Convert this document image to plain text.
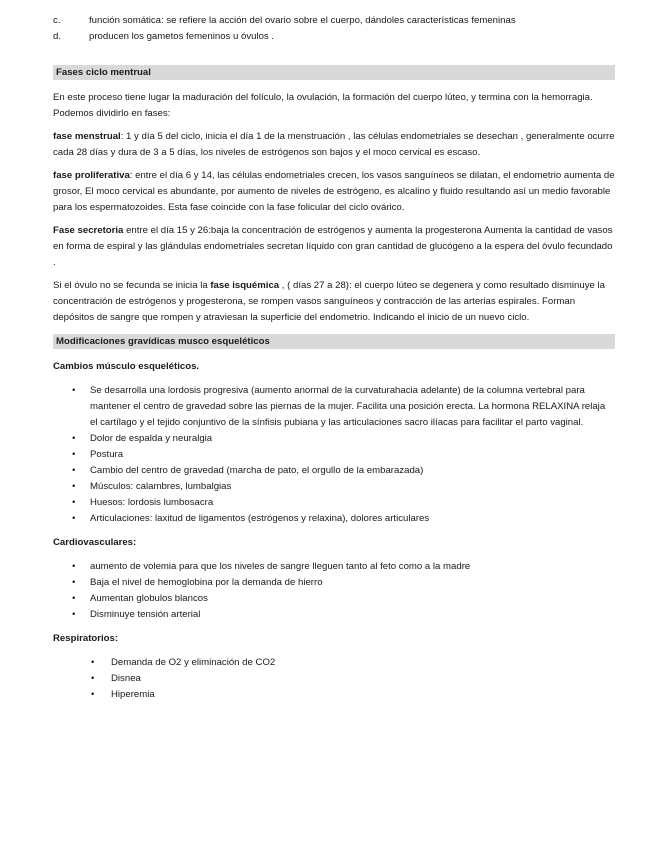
c.	función somática: se refiere la acción del ovario sobre el cuerpo, dándoles características femeninas
d.	producen los gametos femeninos u óvulos .
Fases ciclo mentrual

En este proceso tiene lugar la maduración del folículo, la ovulación, la formación del cuerpo lúteo, y termina con la hemorragia. Podemos dividirlo en fases:

fase menstrual: 1 y día 5 del ciclo, inicia el día 1 de la menstruación , las células endometriales se desechan , generalmente ocurre cada 28 días y dura de 3 a 5 días, los niveles de estrógenos son bajos y el moco cervical es escaso.

fase proliferativa: entre el día 6 y 14, las células endometriales crecen, los vasos sanguíneos se dilatan, el endometrio aumenta de grosor, El moco cervical es abundante, por aumento de niveles de estrógeno, es alcalino y fluido resultando así un medio favorable para los espermatozoides. Esta fase coincide con la fase folicular del ciclo ovárico.

Fase secretoria entre el día 15 y 26:baja la concentración de estrógenos y aumenta la progesterona Aumenta la cantidad de vasos en forma de espiral y las glándulas endometriales secretan líquido con gran cantidad de glucógeno a la espera del óvulo fecundado .

Si el óvulo no se fecunda se inicia la fase isquémica , ( días 27 a 28): el cuerpo lúteo se degenera y como resultado disminuye la concentración de estrógenos y progesterona, se rompen vasos sanguíneos y contracción de las arterias espirales. Forman depósitos de sangre que rompen y atraviesan la superficie del endometrio. Indicando el inicio de un nuevo ciclo.

Modificaciones gravídicas musco esqueléticos
Cambios músculo esqueléticos.
• Se desarrolla una lordosis progresiva (aumento anormal de la curvaturahacia adelante) de la columna vertebral para mantener el centro de gravedad sobre las piernas de la mujer. Facilita una posición erecta. La hormona RELAXINA relaja el cartílago y el tejido conjuntivo de la sínfisis pubiana y las articulaciones sacro ilíacas para facilitar el parto vaginal.
• Dolor de espalda y neuralgia
• Postura
• Cambio del centro de gravedad (marcha de pato, el orgullo de la embarazada)
• Músculos: calambres, lumbalgias
• Huesos: lordosis lumbosacra
• Articulaciones: laxitud de ligamentos (estrógenos y relaxina), dolores articulares
Cardiovasculares:
• aumento de volemia para que los niveles de sangre lleguen tanto al feto como a la madre
• Baja el nivel de hemoglobina por la demanda de hierro
• Aumentan globulos blancos
• Disminuye tensión arterial
Respiratorios:
• Demanda de O2 y eliminación de CO2
• Disnea
• Hiperemia
